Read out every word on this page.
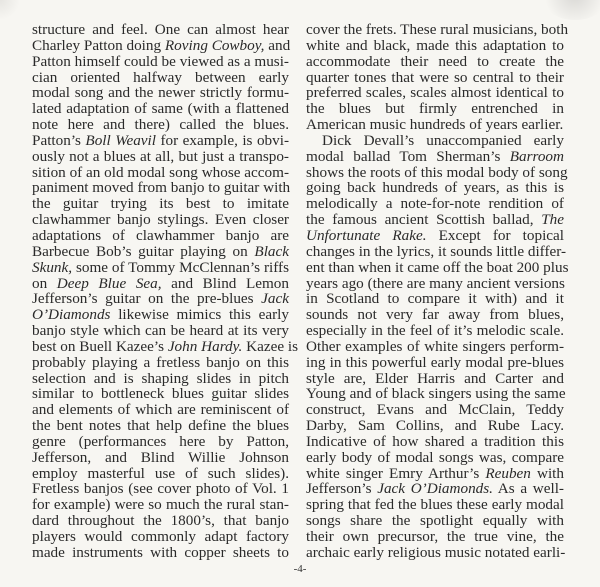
structure and feel. One can almost hear
Charley Patton doing Roving Cowboy, and
Patton himself could be viewed as a musi-
cian oriented halfway between early
modal song and the newer strictly formu-
lated adaptation of same (with a flattened
note here and there) called the blues.
Patton’s Boll Weavil for example, is obvi-
ously not a blues at all, but just a transpo-
sition of an old modal song whose accom-
paniment moved from banjo to guitar with
the guitar trying its best to imitate
clawhammer banjo stylings. Even closer
adaptations of clawhammer banjo are
Barbecue Bob’s guitar playing on Black
Skunk, some of Tommy McClennan’s riffs
on Deep Blue Sea, and Blind Lemon
Jefferson’s guitar on the pre-blues Jack
O’Diamonds likewise mimics this early
banjo style which can be heard at its very
best on Buell Kazee’s John Hardy. Kazee is
probably playing a fretless banjo on this
selection and is shaping slides in pitch
similar to bottleneck blues guitar slides
and elements of which are reminiscent of
the bent notes that help define the blues
genre (performances here by Patton,
Jefferson, and Blind Willie Johnson
employ masterful use of such slides).
Fretless banjos (see cover photo of Vol. 1
for example) were so much the rural stan-
dard throughout the 1800’s, that banjo
players would commonly adapt factory
made instruments with copper sheets to
cover the frets. These rural musicians, both
white and black, made this adaptation to
accommodate their need to create the
quarter tones that were so central to their
preferred scales, scales almost identical to
the blues but firmly entrenched in
American music hundreds of years earlier.
Dick Devall’s unaccompanied early
modal ballad Tom Sherman’s Barroom
shows the roots of this modal body of song
going back hundreds of years, as this is
melodically a note-for-note rendition of
the famous ancient Scottish ballad, The
Unfortunate Rake. Except for topical
changes in the lyrics, it sounds little differ-
ent than when it came off the boat 200 plus
years ago (there are many ancient versions
in Scotland to compare it with) and it
sounds not very far away from blues,
especially in the feel of it’s melodic scale.
Other examples of white singers perform-
ing in this powerful early modal pre-blues
style are, Elder Harris and Carter and
Young and of black singers using the same
construct, Evans and McClain, Teddy
Darby, Sam Collins, and Rube Lacy.
Indicative of how shared a tradition this
early body of modal songs was, compare
white singer Emry Arthur’s Reuben with
Jefferson’s Jack O’Diamonds. As a well-
spring that fed the blues these early modal
songs share the spotlight equally with
their own precursor, the true vine, the
archaic early religious music notated earli-
-4-
